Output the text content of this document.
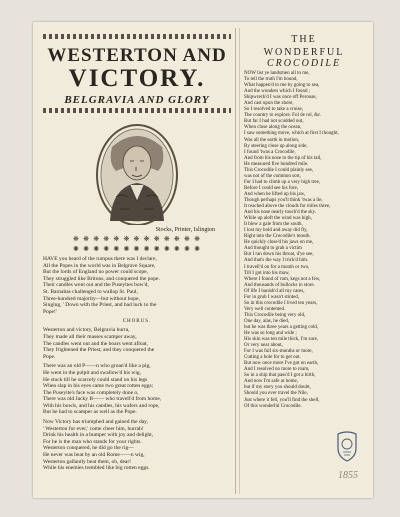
WESTERTON AND
VICTORY.
BELGRAVIA AND GLORY
Stocks, Printer, Islington
❋ ❋ ❋ ❋ ❋ ❋ ❋ ❋ ❋ ❋ ❋ ❋ ❋
✺ ✺ ✺ ✺ ✺ ✺ ✺ ✺ ✺ ✺ ✺ ✺ ✺
HAVE you heard of the rumpus there was I declare,
All the Popes in the world was in Belgrave Square,
But the lords of England no power could scope,
They struggled like Britons, and conquered the pope.
Their candles went out and the Puseyites bow'd,
St. Barnabas challenged to wallop St. Paul,
Three-hundred majority—but without hope,
Singing, ' Down with the Priest, and bad luck to the
Pope!'
CHORUS.
Westerton and victory, Belgravia hurra,
They made all their masses scamper away,
The candles went out and the boars went afloat,
They frightened the Priest, and they conquered the
Pope.
There was an old P——n who groan'd like a pig,
He went in the pulpit and swallow'd his wig,
He stuck till he scarcely could stand on his legs
When slap in his eyes came two great rotten eggs;
The Puseyite's face was completely done o,
There was old Jacky B—— who travell'd from home,
With his bowls, and his candles, his wafers and rope,
But he had to scamper as well as the Pope.
Now Victory has triumphed and gained the day,
' Westerton for ever,' come cheer him, hurrah!
Drink his health in a bumper with joy and delight,
For he is the man who stands for your rights.
Westerton conquered, he did go the rig—
He never was beat by an old Rome——n wig,
Westerton gallantly beat them, oh, dear!
While his enemies trembled like big rotten eggs.
THE
WONDERFUL
CROCODILE
NOW list ye landsmen all to me,
To tell the truth I'm bound,
What happen'd to me by going to sea,
And the wonders which I found ;
Shipwreck'd I was once off Perouse,
And cast upon the shore,
So I resolved to take a cruise,
The country to explore. Fol de rol, &c.
But far I had not scudded out,
When close along the ocean,
I saw something move, which at first I thought,
Was all the earth in motion,
By steering close up along side,
I found 'twas a Crocodile,
And from his nose to the tip of his tail,
He measured five hundred mile.
This Crocodile I could plainly see,
was not of the common sort,
For I had to climb up a very high tree,
Before I could see his fore,
And when he lifted up his jaw,
Though perhaps you'll think 'twas a lie,
It reached above the clouds for miles three,
And his nose nearly touch'd the sky.
While up aloft the wind was high,
It blew a gale from the south,
I lost my hold and away did fly,
Right into the Crocodile's mouth.
He quickly close'd his jaws on me,
And thought to grab a victim
But I ran down his throat, d'ye see,
And that's the way I trick'd him.
I travell'd on for a month or two,
Till I got into his maw,
Where I found of rum, kegs not a few,
And thousands of bullocks in store.
Of life I banish'd all my cares,
For in grub I wasn't stinted,
So in this crocodile I lived ten years,
Very well contented.
This Crocodile being very old,
One day, alas, he died,
but he was three years a getting cold,
He was so long and wide ;
His skin was ten mile thick, I'm sure,
Or very near about,
For I was full six-months or more,
Cutting a hole for to get out.
But now once more I've got on earth,
And I resolved no more to roam,
So in a ship that pass'd I got a birth,
And now I'm safe at home,
but if my story you should doubt,
Should you ever travel the Nile,
Just where it fell, you'll find the shell,
Of this wonderful Crocodile.
1855
